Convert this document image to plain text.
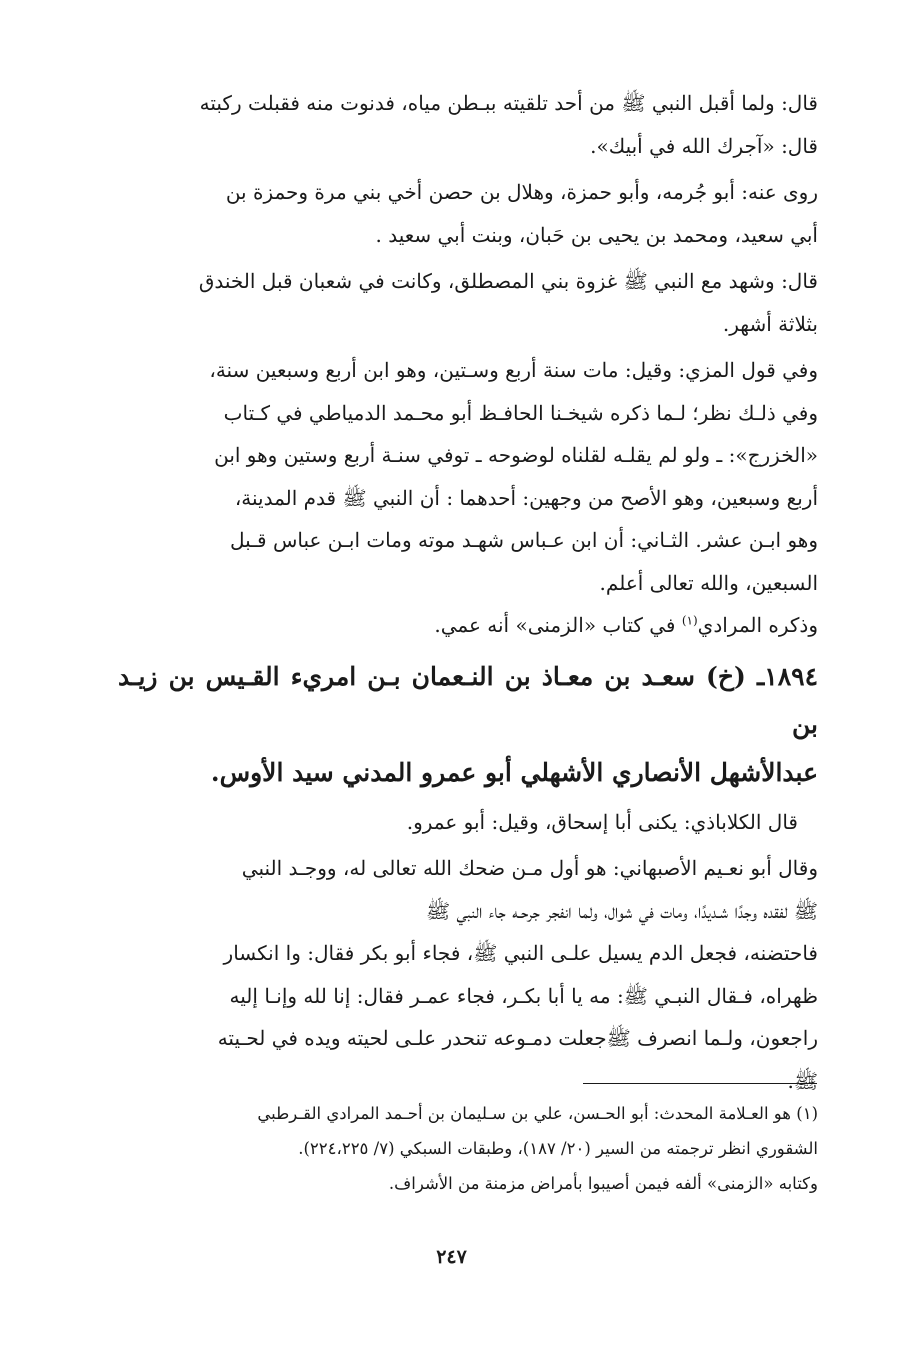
قال: ولما أقبل النبي ﷺ من أحد تلقيته ببـطن مياه، فدنوت منه فقبلت ركبته
قال: «آجرك الله في أبيك».
روى عنه: أبو جُرمه، وأبو حمزة، وهلال بن حصن أخي بني مرة وحمزة بن
أبي سعيد، ومحمد بن يحيى بن حَبان، وبنت أبي سعيد .
قال: وشهد مع النبي ﷺ غزوة بني المصطلق، وكانت في شعبان قبل الخندق
بثلاثة أشهر.
وفي قول المزي: وقيل: مات سنة أربع وسـتين، وهو ابن أربع وسبعين سنة،
وفي ذلـك نظر؛ لـما ذكره شيخـنا الحافـظ أبو محـمد الدمياطي في كـتاب
«الخزرج»: ـ ولو لم يقلـه لقلناه لوضوحه ـ توفي سنـة أربع وستين وهو ابن
أربع وسبعين، وهو الأصح من وجهين: أحدهما : أن النبي ﷺ قدم المدينة،
وهو ابـن عشر. الثـاني: أن ابن عـباس شهـد موته ومات ابـن عباس قـبل
السبعين، والله تعالى أعلم.
وذكره المرادي$^{(١)}$ في كتاب «الزمنى» أنه عمي.
١٨٩٤ـ (خ) سعـد بن معـاذ بن النـعمان بـن امريء القـيس بن زيـد بن
عبدالأشهل الأنصاري الأشهلي أبو عمرو المدني سيد الأوس.
قال الكلاباذي: يكنى أبا إسحاق، وقيل: أبو عمرو.
وقال أبو نعـيم الأصبهاني: هو أول مـن ضحك الله تعالى له، ووجـد النبي
ﷺ لفقده وجدًا شـديدًا، ومات في شوال، ولما انفجر جرحـه جاء النبي ﷺ
فاحتضنه، فجعل الدم يسيل علـى النبي ﷺ، فجاء أبو بكر فقال: وا انكسار
ظهراه، فـقال النبـي ﷺ: مه يا أبا بكـر، فجاء عمـر فقال: إنا لله وإنـا إليه
راجعون، ولـما انصرف ﷺجعلت دمـوعه تنحدر علـى لحيته ويده في لحـيته
ﷺ.
(١) هو العـلامة المحدث: أبو الحـسن، علي بن سـليمان بن أحـمد المرادي القـرطبي
الشقوري انظر ترجمته من السير (٢٠/ ١٨٧)، وطبقات السبكي (٧/ ٢٢٤،٢٢٥).
وكتابه «الزمنى» ألفه فيمن أصيبوا بأمراض مزمنة من الأشراف.
٢٤٧
